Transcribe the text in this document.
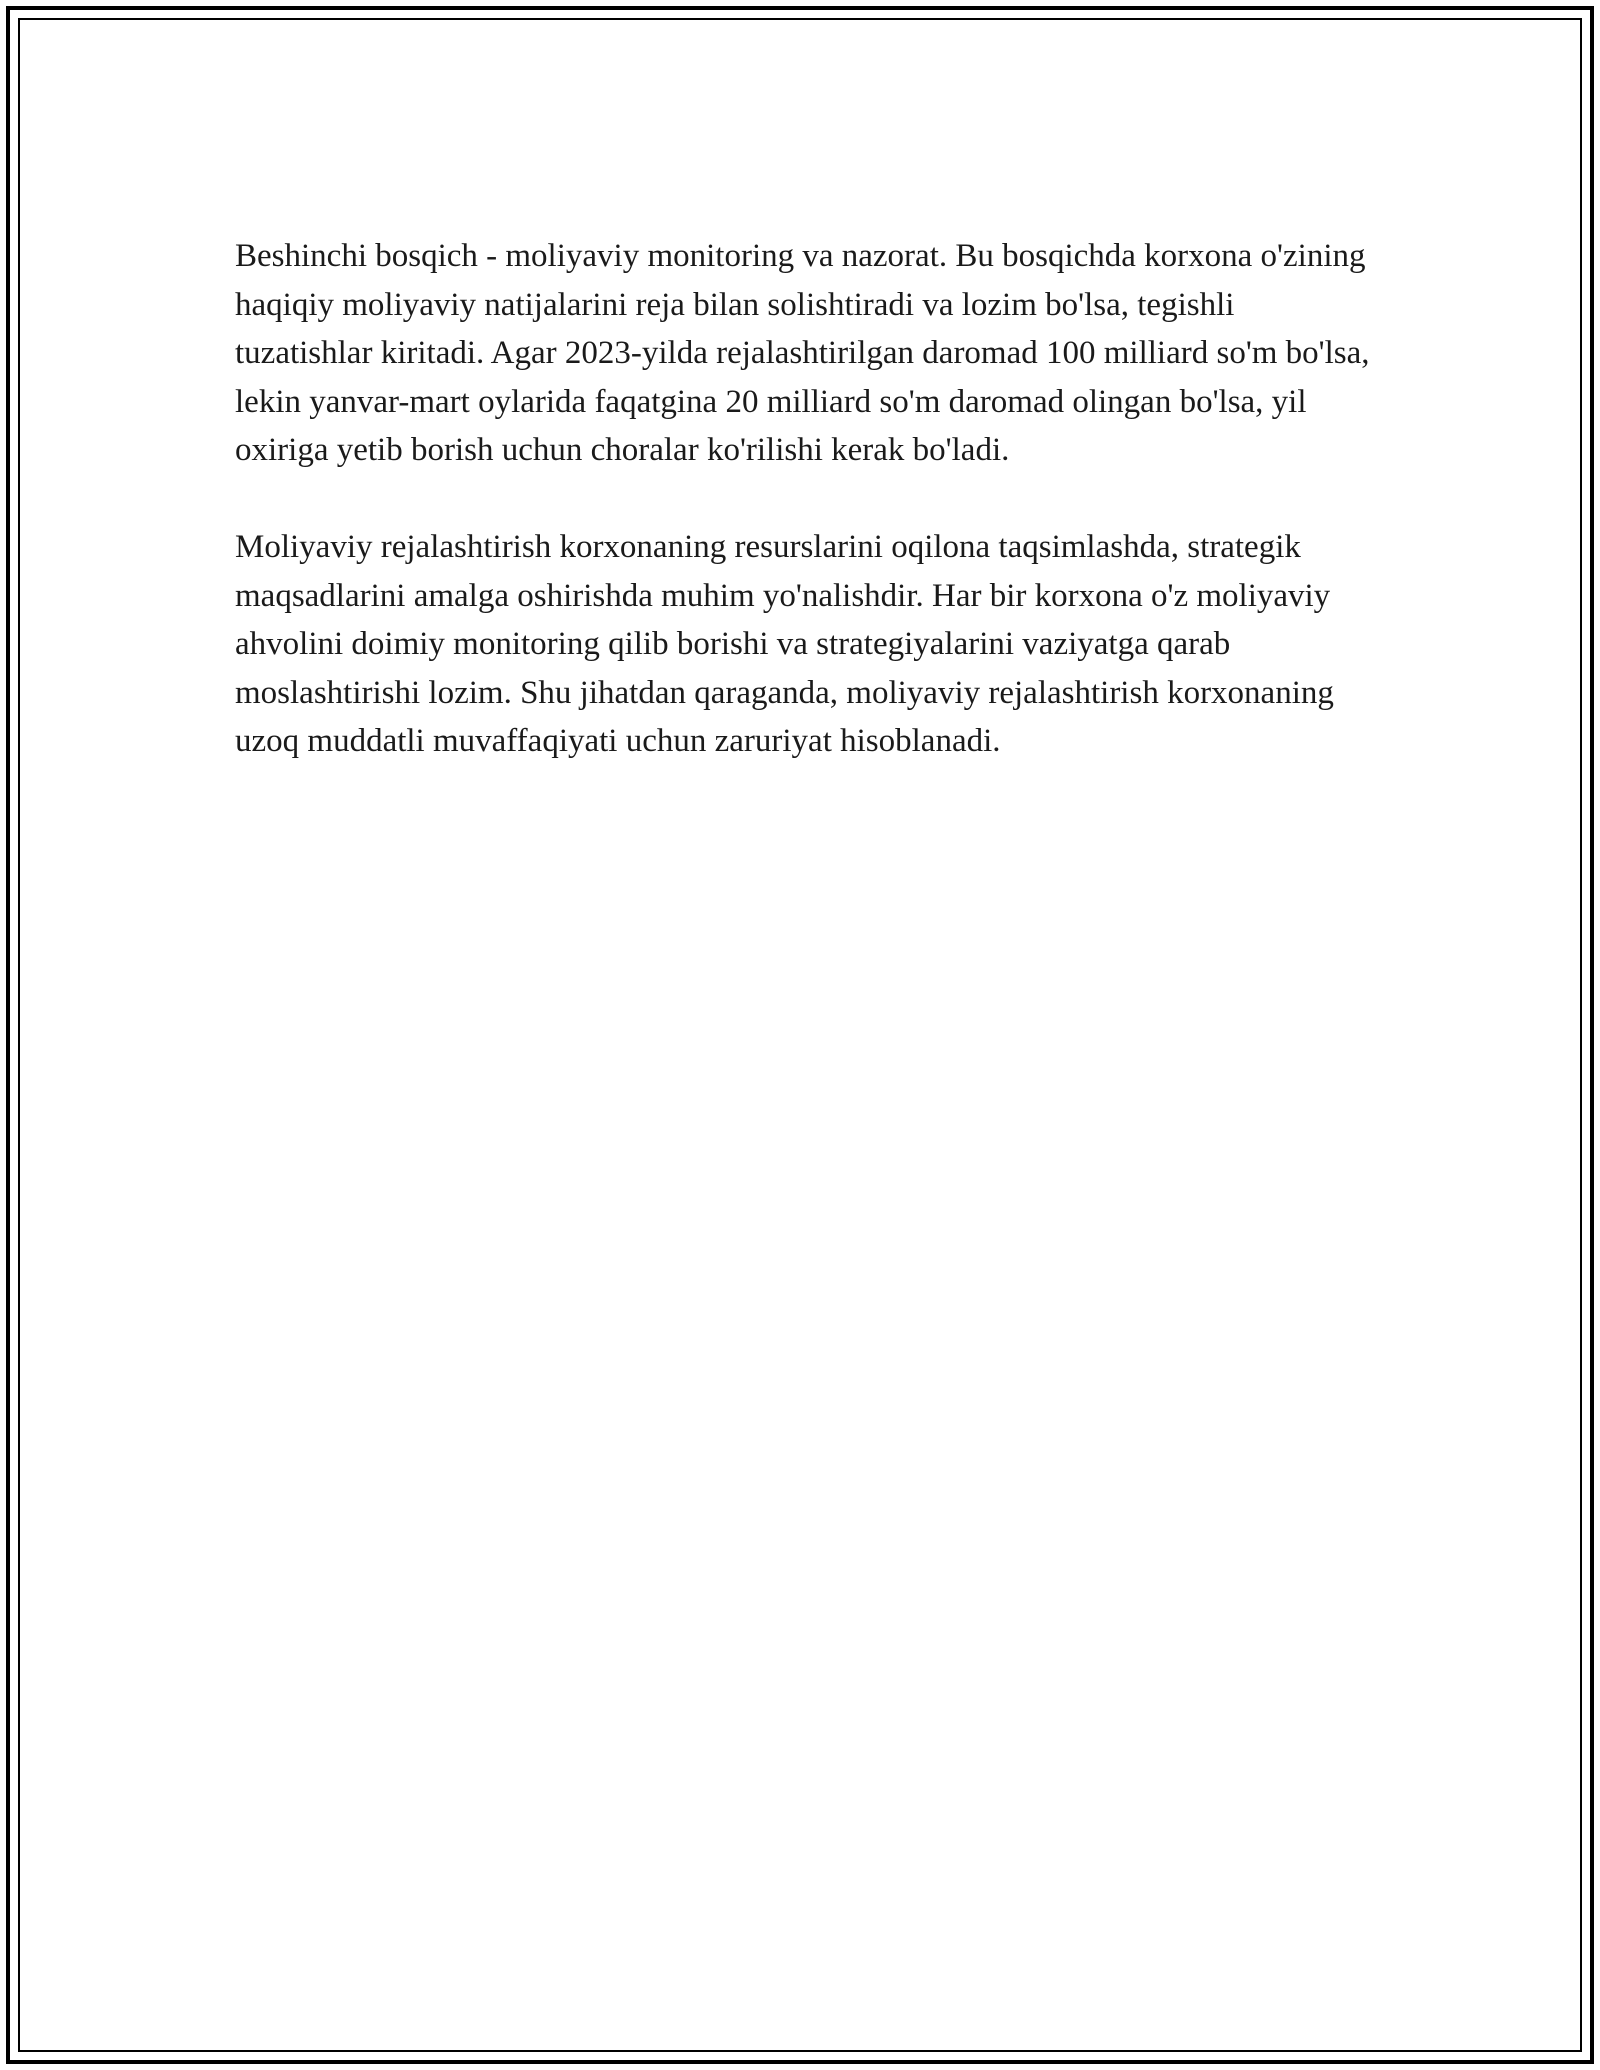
Beshinchi bosqich - moliyaviy monitoring va nazorat. Bu bosqichda korxona o'zining haqiqiy moliyaviy natijalarini reja bilan solishtiradi va lozim bo'lsa, tegishli tuzatishlar kiritadi. Agar 2023-yilda rejalashtirilgan daromad 100 milliard so'm bo'lsa, lekin yanvar-mart oylarida faqatgina 20 milliard so'm daromad olingan bo'lsa, yil oxiriga yetib borish uchun choralar ko'rilishi kerak bo'ladi.

Moliyaviy rejalashtirish korxonaning resurslarini oqilona taqsimlashda, strategik maqsadlarini amalga oshirishda muhim yo'nalishdir. Har bir korxona o'z moliyaviy ahvolini doimiy monitoring qilib borishi va strategiyalarini vaziyatga qarab moslashtirishi lozim. Shu jihatdan qaraganda, moliyaviy rejalashtirish korxonaning uzoq muddatli muvaffaqiyati uchun zaruriyat hisoblanadi.
